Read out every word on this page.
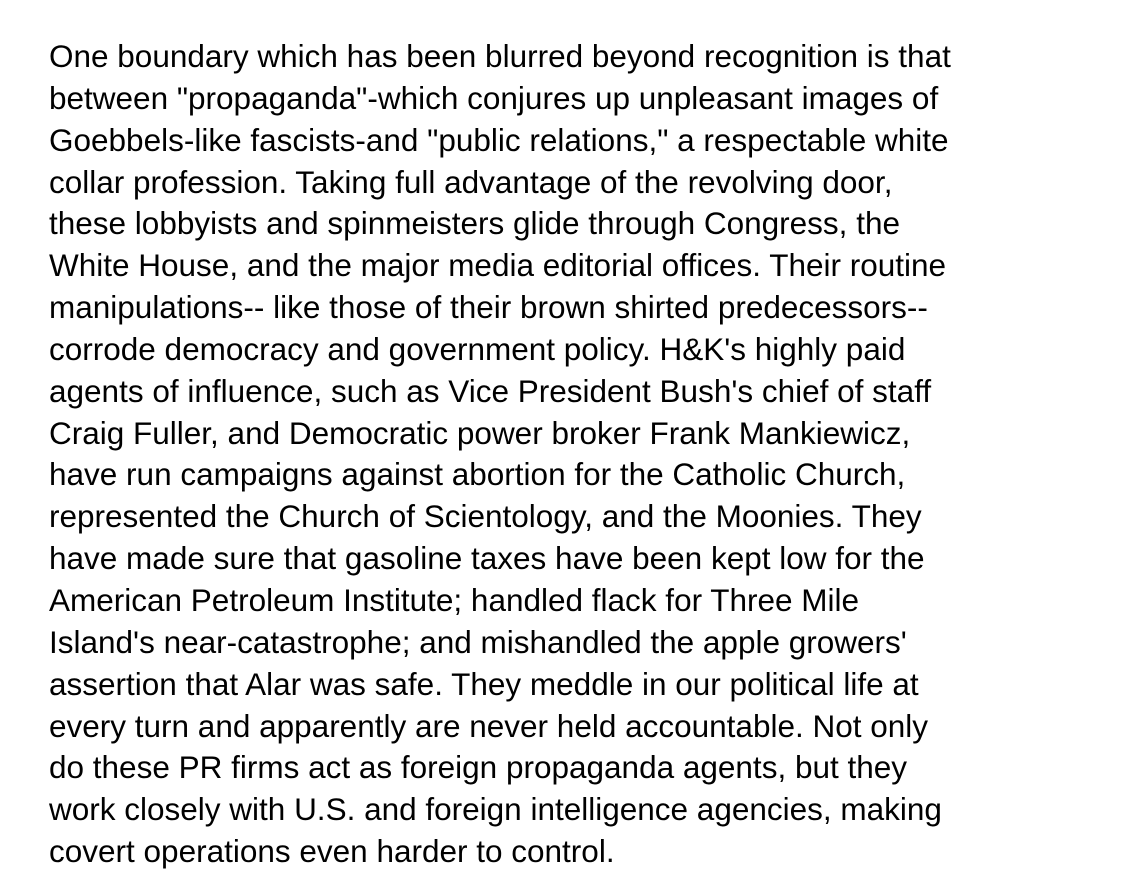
One boundary which has been blurred beyond recognition is that
between "propaganda"-which conjures up unpleasant images of
Goebbels-like fascists-and "public relations," a respectable white
collar profession. Taking full advantage of the revolving door,
these lobbyists and spinmeisters glide through Congress, the
White House, and the major media editorial offices. Their routine
manipulations-- like those of their brown shirted predecessors--
corrode democracy and government policy. H&K's highly paid
agents of influence, such as Vice President Bush's chief of staff
Craig Fuller, and Democratic power broker Frank Mankiewicz,
have run campaigns against abortion for the Catholic Church,
represented the Church of Scientology, and the Moonies. They
have made sure that gasoline taxes have been kept low for the
American Petroleum Institute; handled flack for Three Mile
Island's near-catastrophe; and mishandled the apple growers'
assertion that Alar was safe. They meddle in our political life at
every turn and apparently are never held accountable. Not only
do these PR firms act as foreign propaganda agents, but they
work closely with U.S. and foreign intelligence agencies, making
covert operations even harder to control.
